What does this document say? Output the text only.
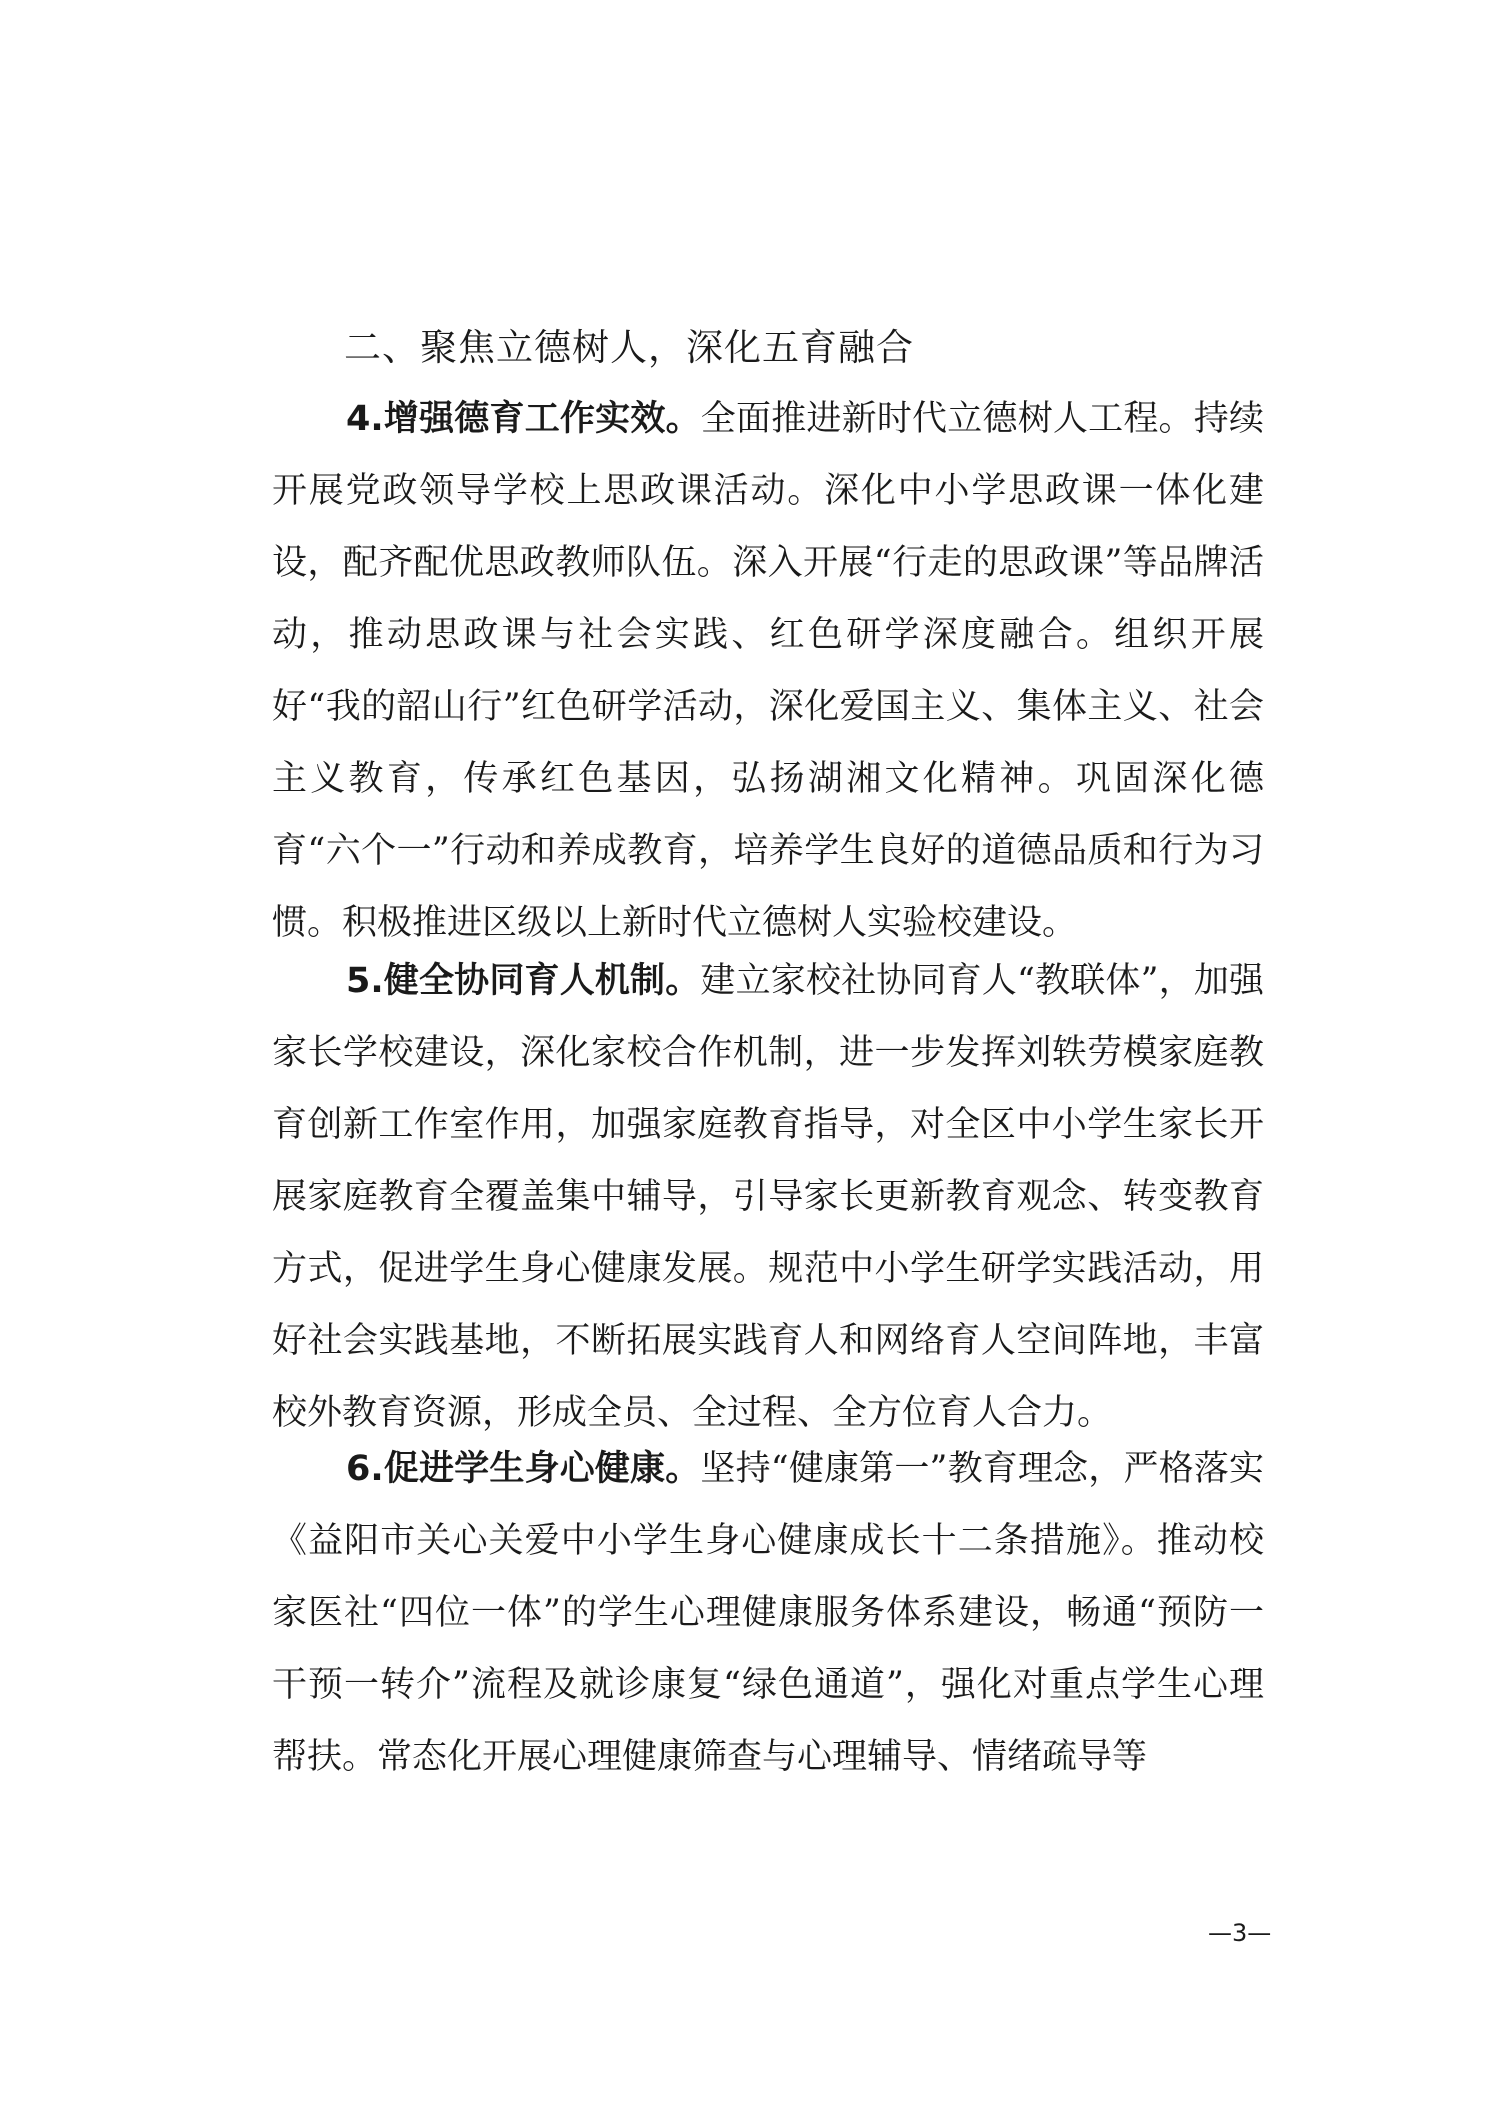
二、聚焦立德树人，深化五育融合

4.增强德育工作实效。全面推进新时代立德树人工程。持续开展党政领导学校上思政课活动。深化中小学思政课一体化建设，配齐配优思政教师队伍。深入开展“行走的思政课”等品牌活动，推动思政课与社会实践、红色研学深度融合。组织开展好“我的韶山行”红色研学活动，深化爱国主义、集体主义、社会主义教育，传承红色基因，弘扬湖湘文化精神。巩固深化德育“六个一”行动和养成教育，培养学生良好的道德品质和行为习惯。积极推进区级以上新时代立德树人实验校建设。

5.健全协同育人机制。建立家校社协同育人“教联体”，加强家长学校建设，深化家校合作机制，进一步发挥刘轶劳模家庭教育创新工作室作用，加强家庭教育指导，对全区中小学生家长开展家庭教育全覆盖集中辅导，引导家长更新教育观念、转变教育方式，促进学生身心健康发展。规范中小学生研学实践活动，用好社会实践基地，不断拓展实践育人和网络育人空间阵地，丰富校外教育资源，形成全员、全过程、全方位育人合力。

6.促进学生身心健康。坚持“健康第一”教育理念，严格落实《益阳市关心关爱中小学生身心健康成长十二条措施》。推动校家医社“四位一体”的学生心理健康服务体系建设，畅通“预防一干预一转介”流程及就诊康复“绿色通道”，强化对重点学生心理帮扶。常态化开展心理健康筛查与心理辅导、情绪疏导等

—3—
